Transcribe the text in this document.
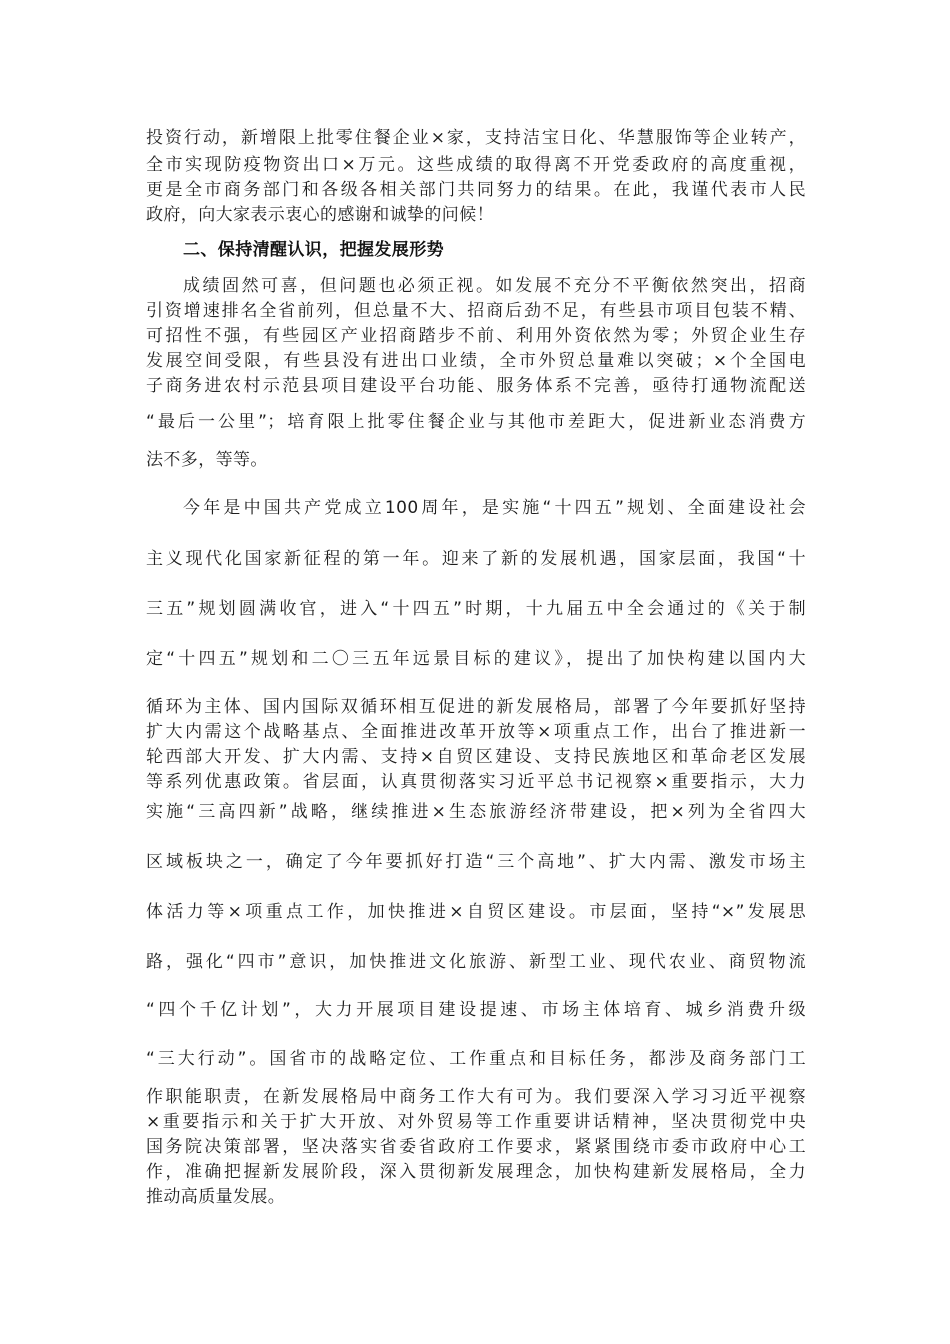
投资行动，新增限上批零住餐企业×家，支持洁宝日化、华慧服饰等企业转产，
全市实现防疫物资出口×万元。这些成绩的取得离不开党委政府的高度重视，
更是全市商务部门和各级各相关部门共同努力的结果。在此，我谨代表市人民
政府，向大家表示衷心的感谢和诚挚的问候！
二、保持清醒认识，把握发展形势
成绩固然可喜，但问题也必须正视。如发展不充分不平衡依然突出，招商
引资增速排名全省前列，但总量不大、招商后劲不足，有些县市项目包装不精、
可招性不强，有些园区产业招商踏步不前、利用外资依然为零；外贸企业生存
发展空间受限，有些县没有进出口业绩，全市外贸总量难以突破；×个全国电
子商务进农村示范县项目建设平台功能、服务体系不完善，亟待打通物流配送
“最后一公里”；培育限上批零住餐企业与其他市差距大，促进新业态消费方
法不多，等等。
今年是中国共产党成立100周年，是实施“十四五”规划、全面建设社会
主义现代化国家新征程的第一年。迎来了新的发展机遇，国家层面，我国“十
三五”规划圆满收官，进入“十四五”时期，十九届五中全会通过的《关于制
定“十四五”规划和二〇三五年远景目标的建议》，提出了加快构建以国内大
循环为主体、国内国际双循环相互促进的新发展格局，部署了今年要抓好坚持
扩大内需这个战略基点、全面推进改革开放等×项重点工作，出台了推进新一
轮西部大开发、扩大内需、支持×自贸区建设、支持民族地区和革命老区发展
等系列优惠政策。省层面，认真贯彻落实习近平总书记视察×重要指示，大力
实施“三高四新”战略，继续推进×生态旅游经济带建设，把×列为全省四大
区域板块之一，确定了今年要抓好打造“三个高地”、扩大内需、激发市场主
体活力等×项重点工作，加快推进×自贸区建设。市层面，坚持“×”发展思
路，强化“四市”意识，加快推进文化旅游、新型工业、现代农业、商贸物流
“四个千亿计划”，大力开展项目建设提速、市场主体培育、城乡消费升级
“三大行动”。国省市的战略定位、工作重点和目标任务，都涉及商务部门工
作职能职责，在新发展格局中商务工作大有可为。我们要深入学习习近平视察
×重要指示和关于扩大开放、对外贸易等工作重要讲话精神，坚决贯彻党中央
国务院决策部署，坚决落实省委省政府工作要求，紧紧围绕市委市政府中心工
作，准确把握新发展阶段，深入贯彻新发展理念，加快构建新发展格局，全力
推动高质量发展。
